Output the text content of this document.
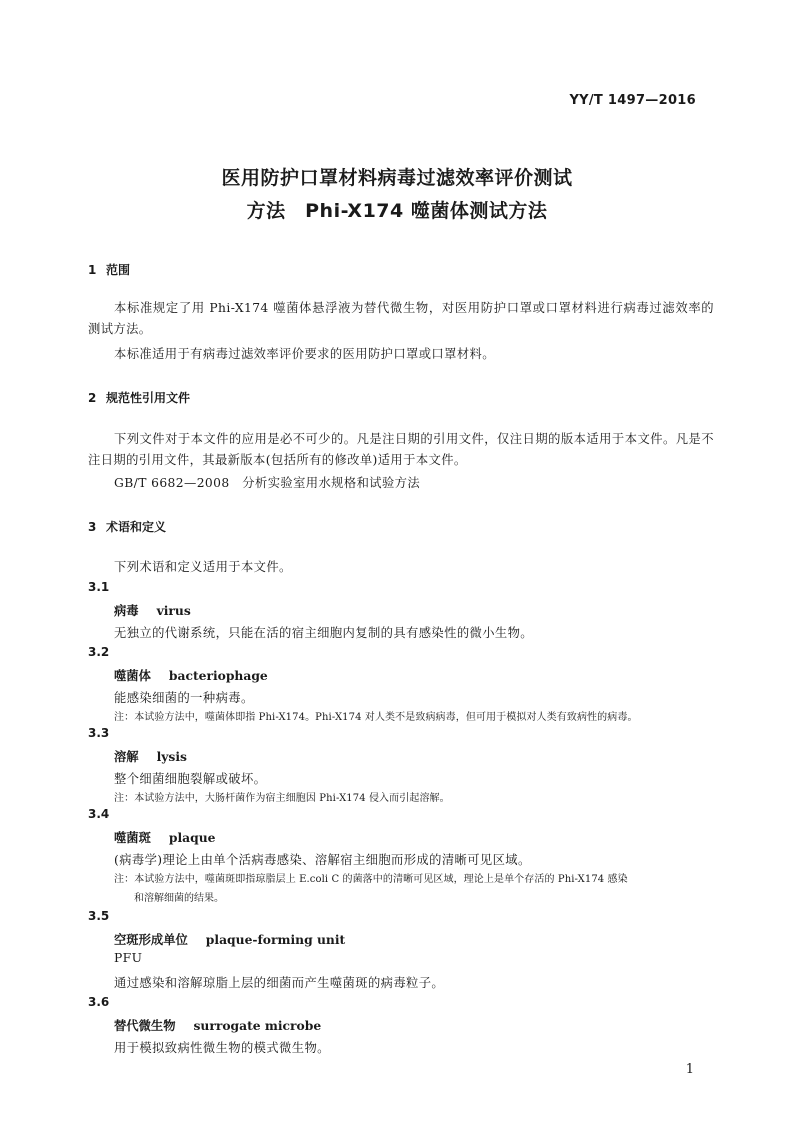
YY/T 1497—2016
医用防护口罩材料病毒过滤效率评价测试
方法　Phi-X174 噬菌体测试方法
1 范围
本标准规定了用 Phi-X174 噬菌体悬浮液为替代微生物，对医用防护口罩或口罩材料进行病毒过滤效率的测试方法。
本标准适用于有病毒过滤效率评价要求的医用防护口罩或口罩材料。
2 规范性引用文件
下列文件对于本文件的应用是必不可少的。凡是注日期的引用文件，仅注日期的版本适用于本文件。凡是不注日期的引用文件，其最新版本(包括所有的修改单)适用于本文件。
GB/T 6682—2008　分析实验室用水规格和试验方法
3 术语和定义
下列术语和定义适用于本文件。
3.1
病毒 virus
无独立的代谢系统，只能在活的宿主细胞内复制的具有感染性的微小生物。
3.2
噬菌体 bacteriophage
能感染细菌的一种病毒。
注：本试验方法中，噬菌体即指 Phi-X174。Phi-X174 对人类不是致病病毒，但可用于模拟对人类有致病性的病毒。
3.3
溶解 lysis
整个细菌细胞裂解或破坏。
注：本试验方法中，大肠杆菌作为宿主细胞因 Phi-X174 侵入而引起溶解。
3.4
噬菌斑 plaque
(病毒学)理论上由单个活病毒感染、溶解宿主细胞而形成的清晰可见区域。
注：本试验方法中，噬菌斑即指琼脂层上 E.coli C 的菌落中的清晰可见区域，理论上是单个存活的 Phi-X174 感染
和溶解细菌的结果。
3.5
空斑形成单位 plaque-forming unit
PFU
通过感染和溶解琼脂上层的细菌而产生噬菌斑的病毒粒子。
3.6
替代微生物 surrogate microbe
用于模拟致病性微生物的模式微生物。
1
